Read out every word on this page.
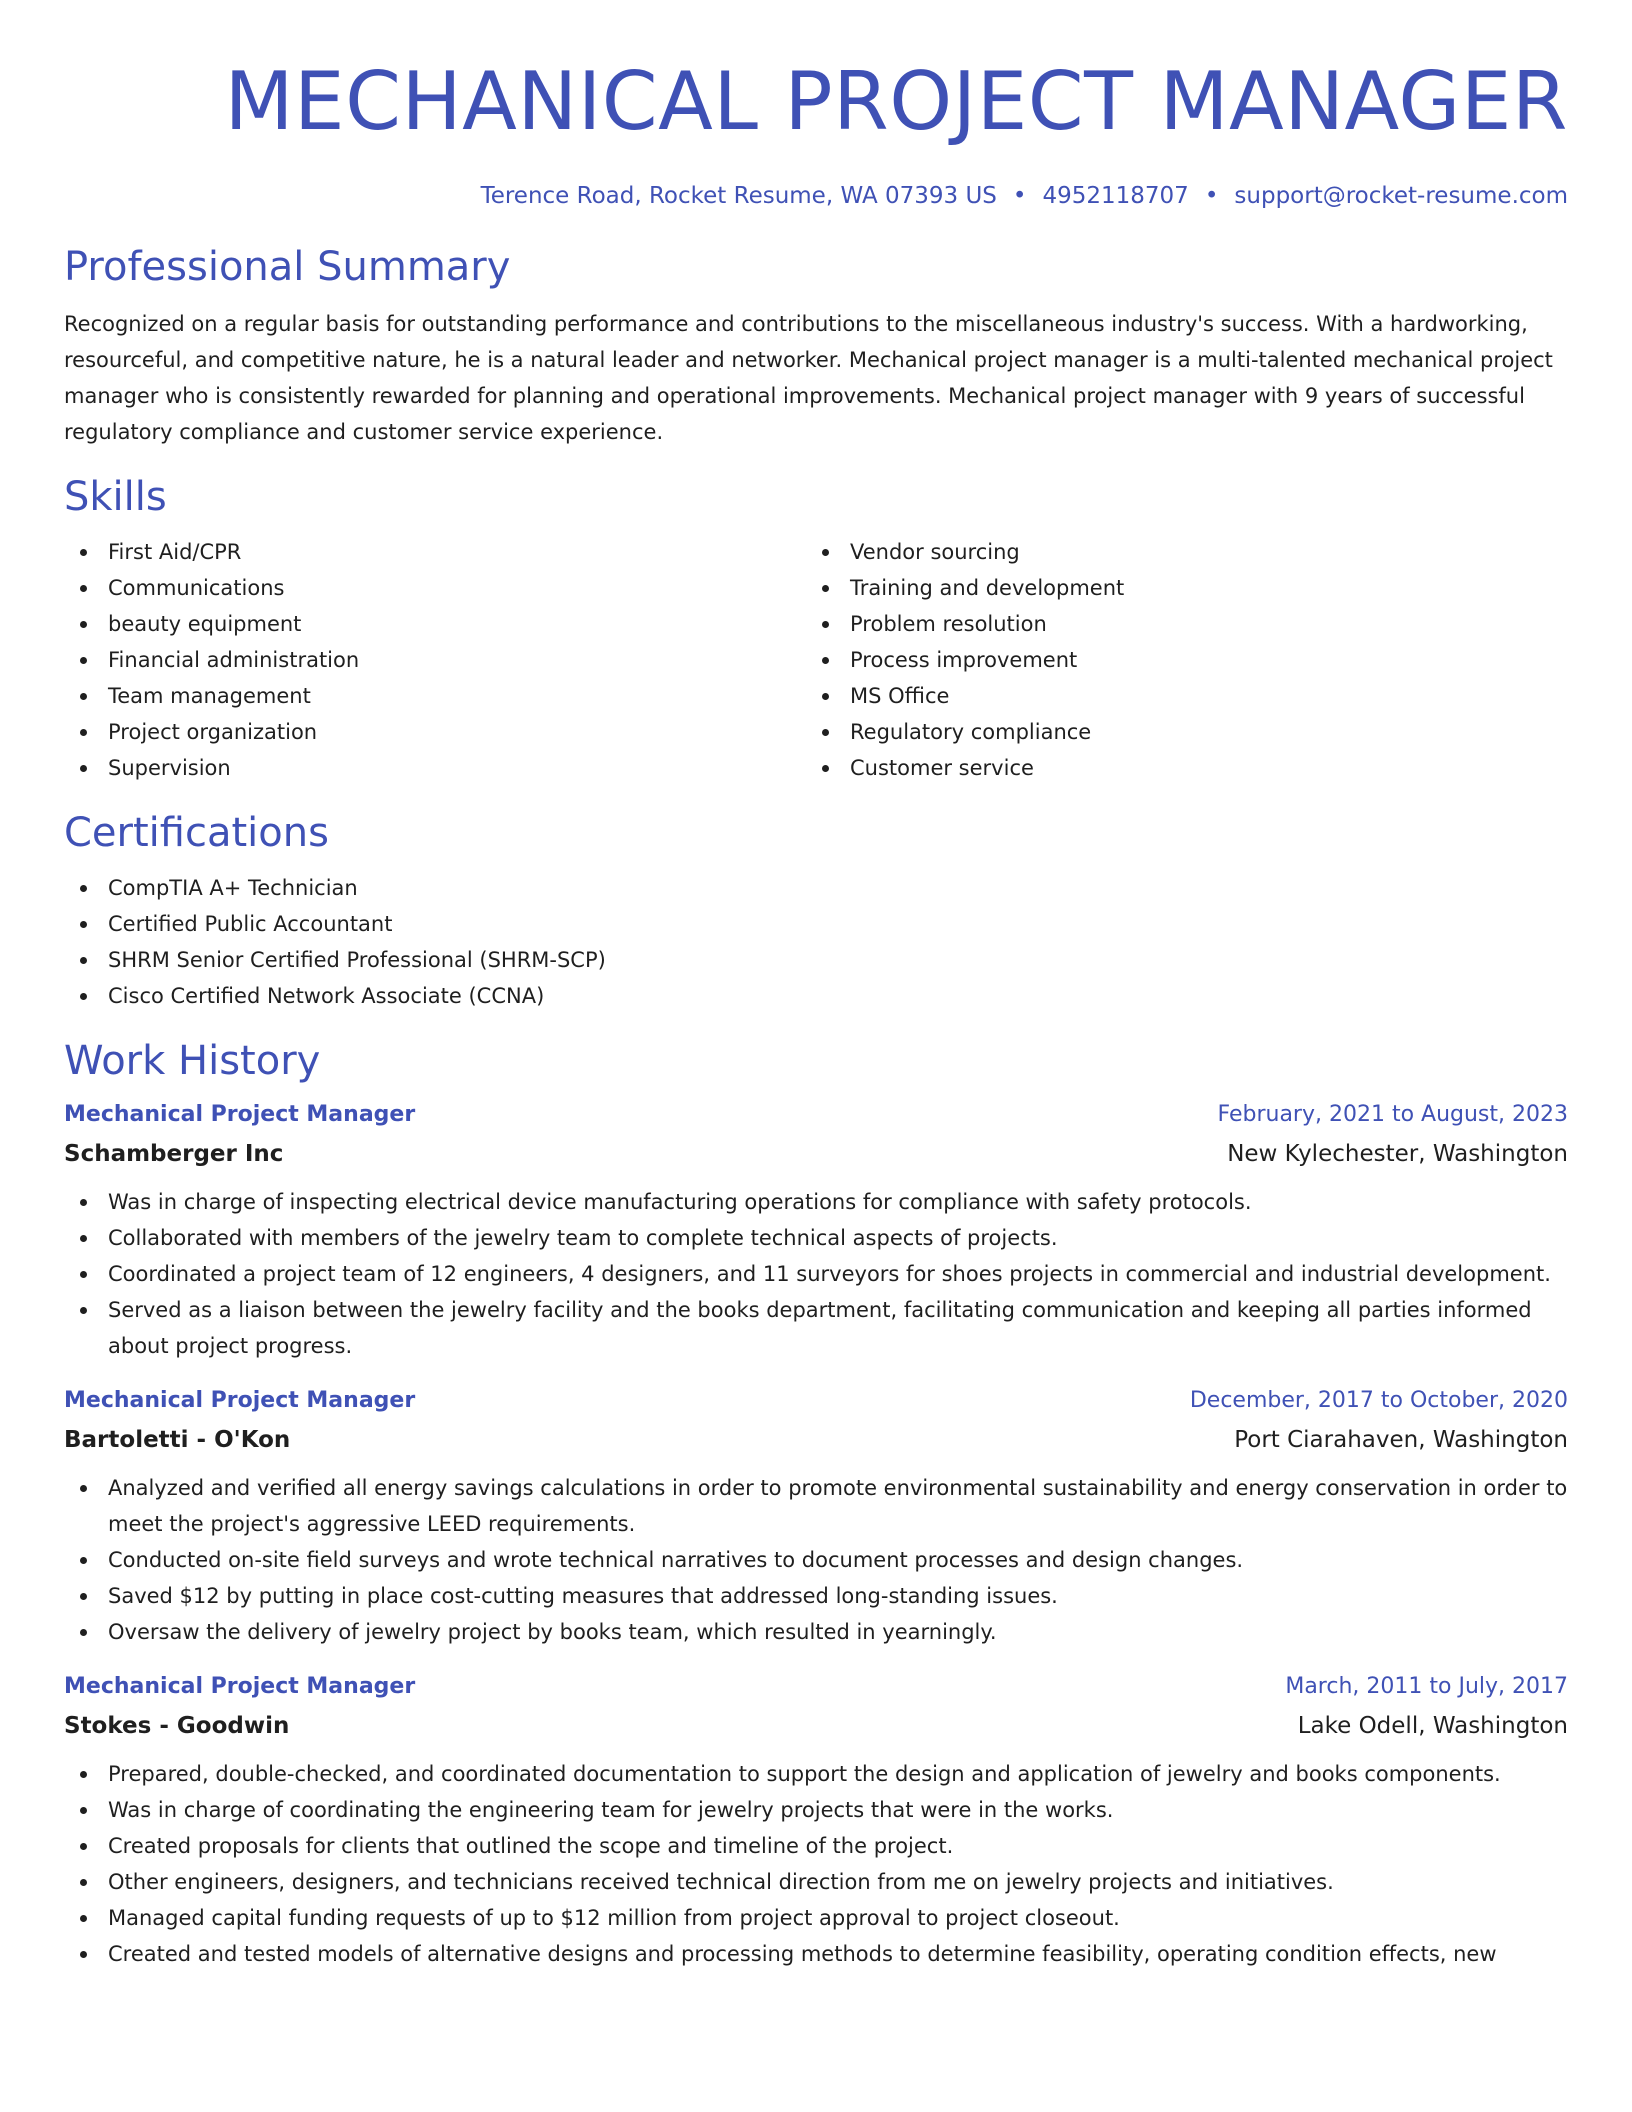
MECHANICAL PROJECT MANAGER
Terence Road, Rocket Resume, WA 07393 US • 4952118707 • support@rocket-resume.com
Professional Summary

Recognized on a regular basis for outstanding performance and contributions to the miscellaneous industry's success. With a hardworking, resourceful, and competitive nature, he is a natural leader and networker. Mechanical project manager is a multi-talented mechanical project manager who is consistently rewarded for planning and operational improvements. Mechanical project manager with 9 years of successful regulatory compliance and customer service experience.

Skills
First Aid/CPR
Communications
beauty equipment
Financial administration
Team management
Project organization
Supervision
Vendor sourcing
Training and development
Problem resolution
Process improvement
MS Office
Regulatory compliance
Customer service
Certifications
CompTIA A+ Technician
Certified Public Accountant
SHRM Senior Certified Professional (SHRM-SCP)
Cisco Certified Network Associate (CCNA)
Work History
Mechanical Project Manager	February, 2021 to August, 2023
Schamberger Inc	New Kylechester, Washington
Was in charge of inspecting electrical device manufacturing operations for compliance with safety protocols.
Collaborated with members of the jewelry team to complete technical aspects of projects.
Coordinated a project team of 12 engineers, 4 designers, and 11 surveyors for shoes projects in commercial and industrial development.
Served as a liaison between the jewelry facility and the books department, facilitating communication and keeping all parties informed about project progress.
Mechanical Project Manager	December, 2017 to October, 2020
Bartoletti - O'Kon	Port Ciarahaven, Washington
Analyzed and verified all energy savings calculations in order to promote environmental sustainability and energy conservation in order to meet the project's aggressive LEED requirements.
Conducted on-site field surveys and wrote technical narratives to document processes and design changes.
Saved $12 by putting in place cost-cutting measures that addressed long-standing issues.
Oversaw the delivery of jewelry project by books team, which resulted in yearningly.
Mechanical Project Manager	March, 2011 to July, 2017
Stokes - Goodwin	Lake Odell, Washington
Prepared, double-checked, and coordinated documentation to support the design and application of jewelry and books components.
Was in charge of coordinating the engineering team for jewelry projects that were in the works.
Created proposals for clients that outlined the scope and timeline of the project.
Other engineers, designers, and technicians received technical direction from me on jewelry projects and initiatives.
Managed capital funding requests of up to $12 million from project approval to project closeout.
Created and tested models of alternative designs and processing methods to determine feasibility, operating condition effects, new
